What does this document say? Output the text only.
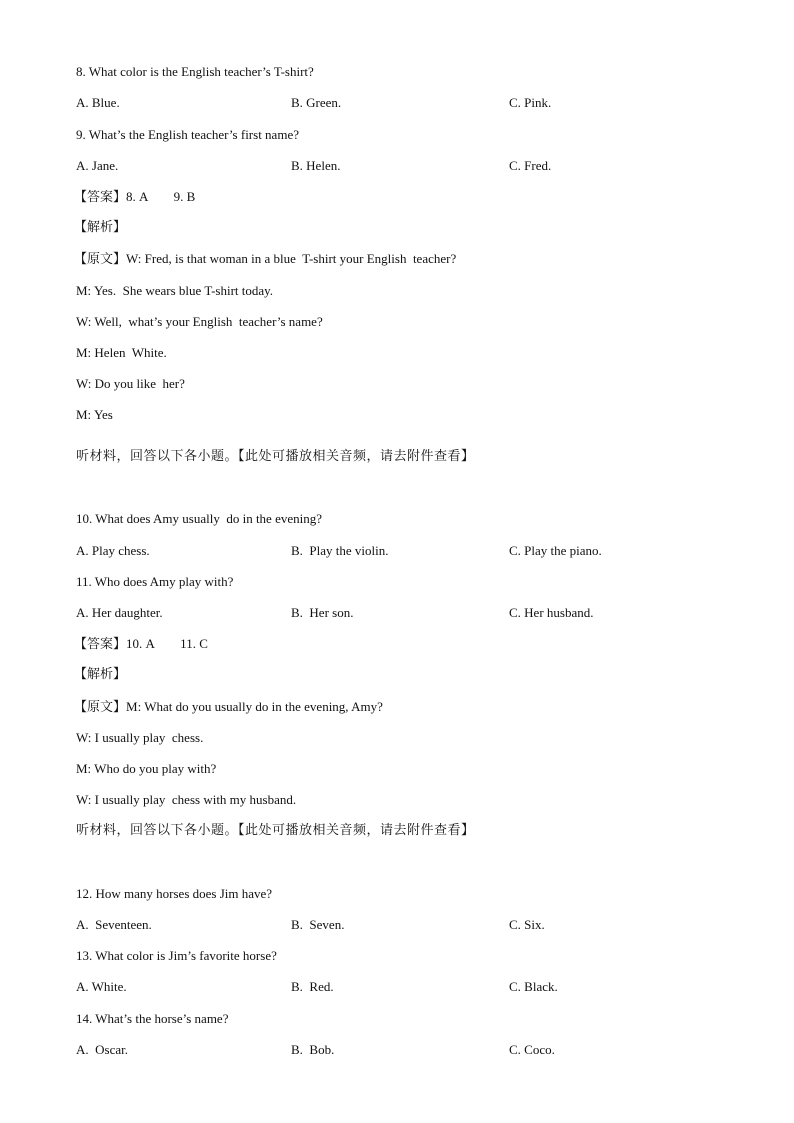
8. What color is the English teacher’s T-shirt?
A. Blue.	B. Green.	C. Pink.
9. What’s the English teacher’s first name?
A. Jane.	B. Helen.	C. Fred.
【答案】8. A        9. B
【解析】
【原文】W: Fred, is that woman in a blue  T-shirt your English  teacher?
M: Yes.  She wears blue T-shirt today.
W: Well,  what’s your English  teacher’s name?
M: Helen  White.
W: Do you like  her?
M: Yes
听材料，回答以下各小题。【此处可播放相关音频，请去附件查看】
10. What does Amy usually  do in the evening?
A. Play chess.	B.  Play the violin.	C. Play the piano.
11. Who does Amy play with?
A. Her daughter.	B.  Her son.	C. Her husband.
【答案】10. A        11. C
【解析】
【原文】M: What do you usually do in the evening, Amy?
W: I usually play  chess.
M: Who do you play with?
W: I usually play  chess with my husband.
听材料，回答以下各小题。【此处可播放相关音频，请去附件查看】
12. How many horses does Jim have?
A.  Seventeen.	B.  Seven.	C. Six.
13. What color is Jim’s favorite horse?
A. White.	B.  Red.	C. Black.
14. What’s the horse’s name?
A.  Oscar.	B.  Bob.	C. Coco.
